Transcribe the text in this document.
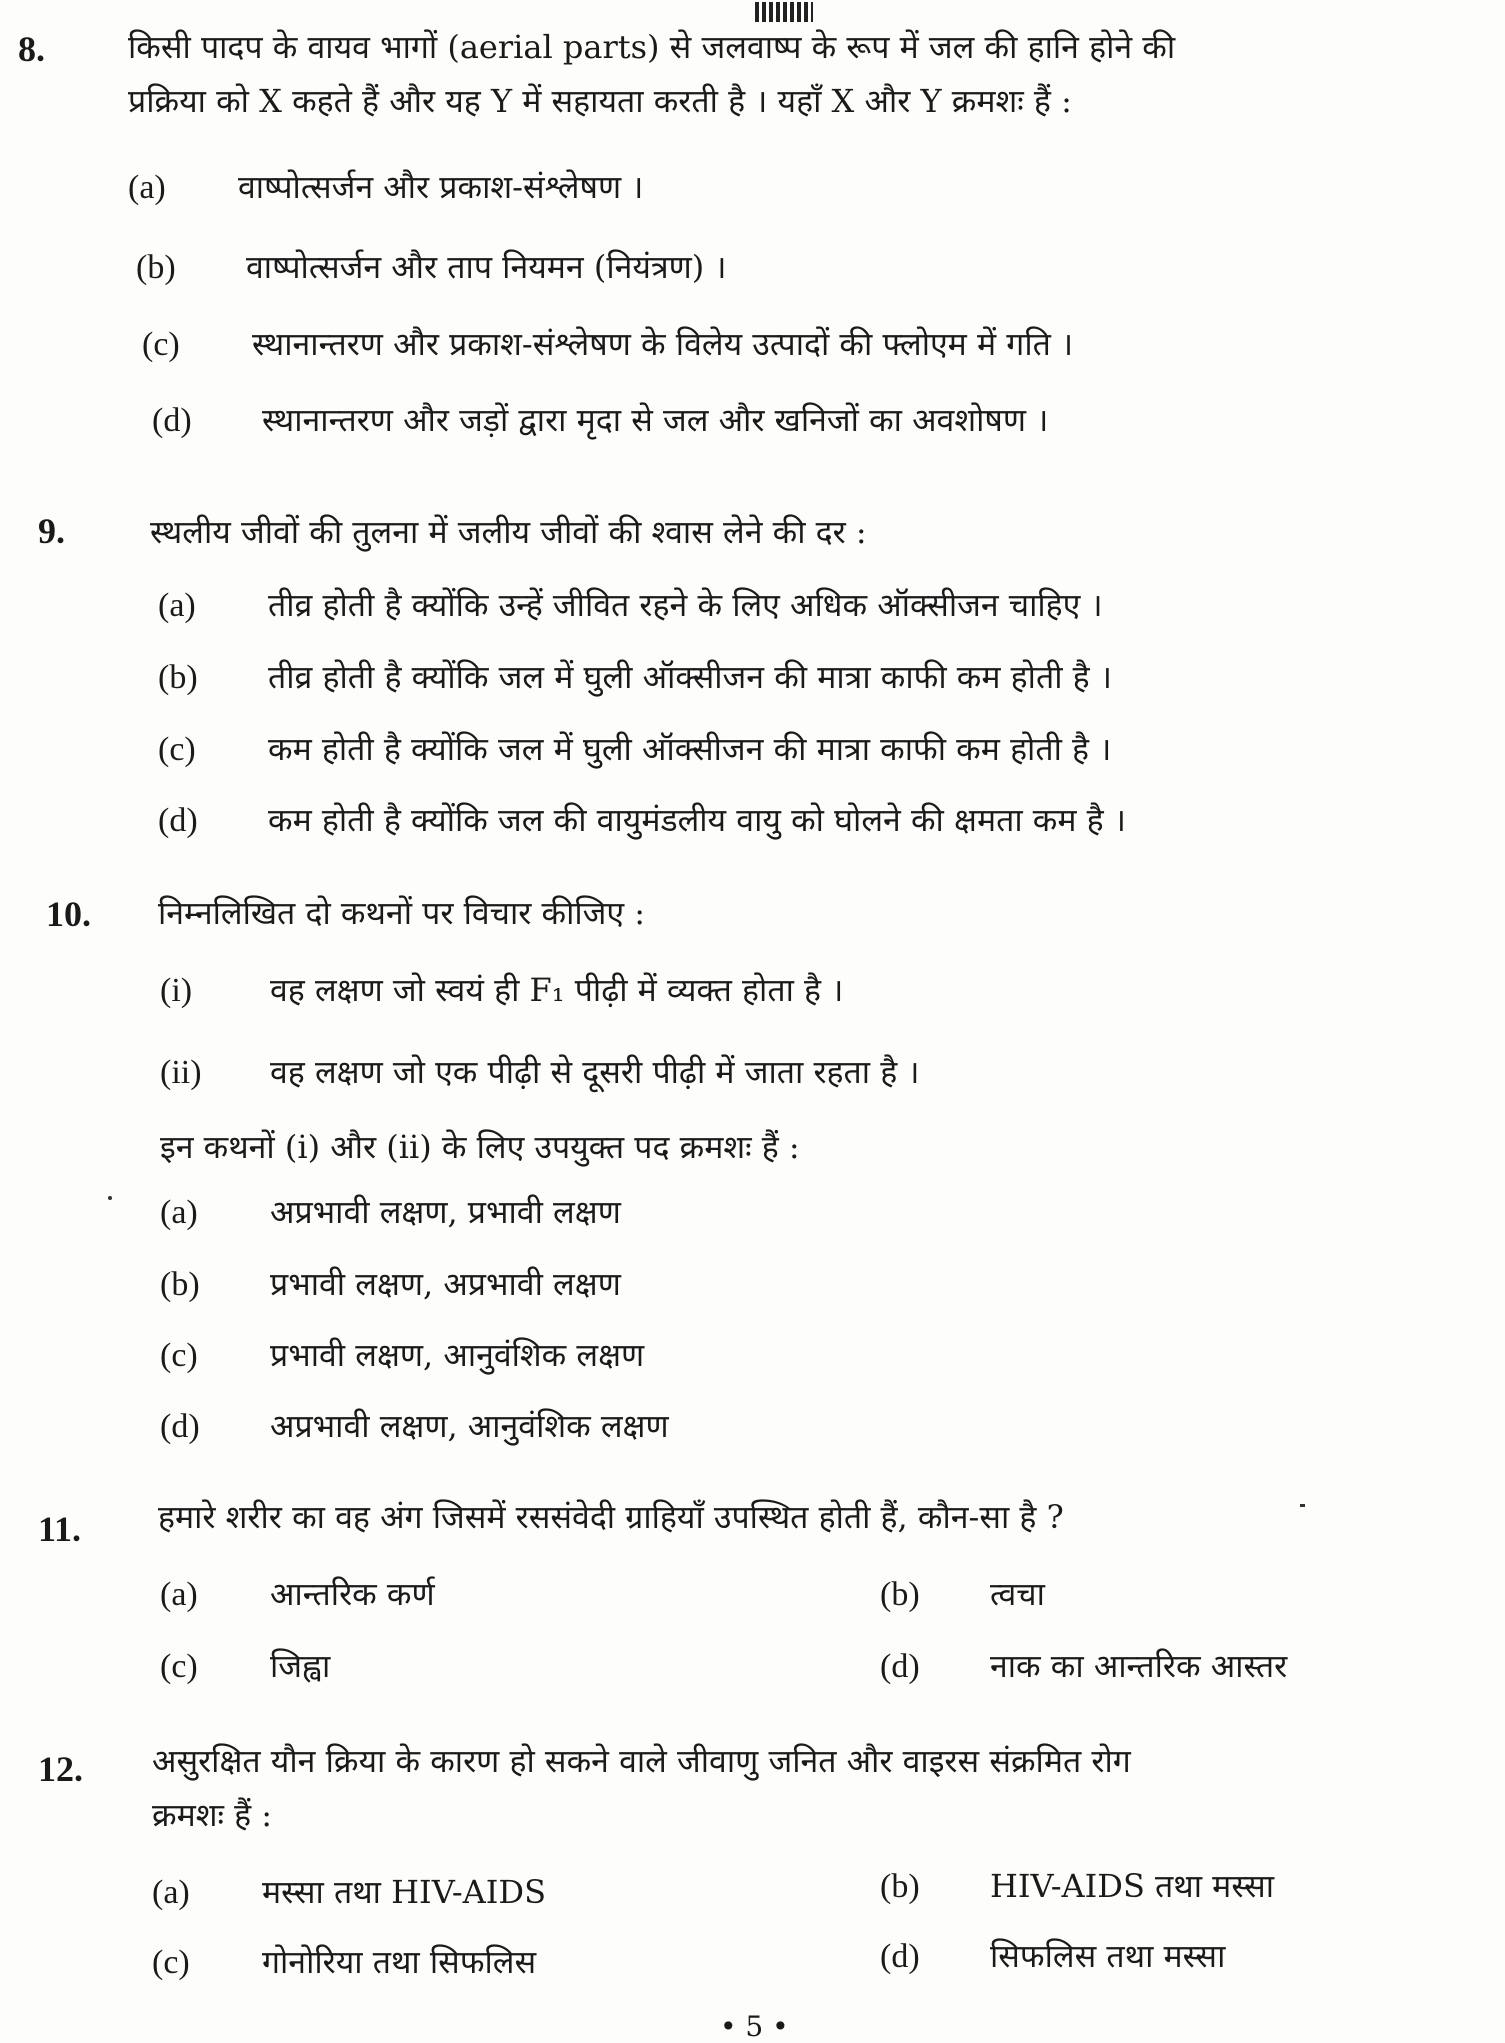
8.	किसी पादप के वायव भागों (aerial parts) से जलवाष्प के रूप में जल की हानि होने की
प्रक्रिया को X कहते हैं और यह Y में सहायता करती है । यहाँ X और Y क्रमशः हैं :
(a) वाष्पोत्सर्जन और प्रकाश-संश्लेषण ।
(b) वाष्पोत्सर्जन और ताप नियमन (नियंत्रण) ।
(c) स्थानान्तरण और प्रकाश-संश्लेषण के विलेय उत्पादों की फ्लोएम में गति ।
(d) स्थानान्तरण और जड़ों द्वारा मृदा से जल और खनिजों का अवशोषण ।
9.	स्थलीय जीवों की तुलना में जलीय जीवों की श्वास लेने की दर :
(a) तीव्र होती है क्योंकि उन्हें जीवित रहने के लिए अधिक ऑक्सीजन चाहिए ।
(b) तीव्र होती है क्योंकि जल में घुली ऑक्सीजन की मात्रा काफी कम होती है ।
(c) कम होती है क्योंकि जल में घुली ऑक्सीजन की मात्रा काफी कम होती है ।
(d) कम होती है क्योंकि जल की वायुमंडलीय वायु को घोलने की क्षमता कम है ।
10. निम्नलिखित दो कथनों पर विचार कीजिए :
(i) वह लक्षण जो स्वयं ही F₁ पीढ़ी में व्यक्त होता है ।
(ii) वह लक्षण जो एक पीढ़ी से दूसरी पीढ़ी में जाता रहता है ।
इन कथनों (i) और (ii) के लिए उपयुक्त पद क्रमशः हैं :
(a) अप्रभावी लक्षण, प्रभावी लक्षण
(b) प्रभावी लक्षण, अप्रभावी लक्षण
(c) प्रभावी लक्षण, आनुवंशिक लक्षण
(d) अप्रभावी लक्षण, आनुवंशिक लक्षण
11. हमारे शरीर का वह अंग जिसमें रससंवेदी ग्राहियाँ उपस्थित होती हैं, कौन-सा है ?
(a) आन्तरिक कर्ण	(b) त्वचा
(c) जिह्वा	(d) नाक का आन्तरिक आस्तर
12. असुरक्षित यौन क्रिया के कारण हो सकने वाले जीवाणु जनित और वाइरस संक्रमित रोग
क्रमशः हैं :
(a) मस्सा तथा HIV-AIDS	(b) HIV-AIDS तथा मस्सा
(c) गोनोरिया तथा सिफलिस	(d) सिफलिस तथा मस्सा
• 5 •
